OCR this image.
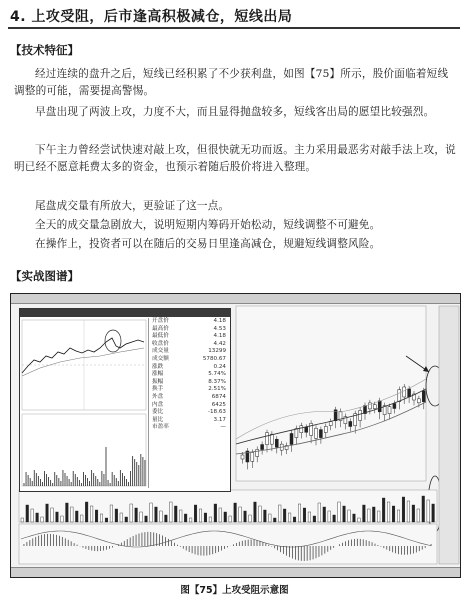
4. 上攻受阻，后市逢高积极减仓，短线出局
【技术特征】

经过连续的盘升之后，短线已经积累了不少获利盘，如图【75】所示，股价面临着短线调整的可能，需要提高警惕。

早盘出现了两波上攻，力度不大，而且显得抛盘较多，短线客出局的愿望比较强烈。

下午主力曾经尝试快速对敲上攻，但很快就无功而返。主力采用最恶劣对敲手法上攻，说明已经不愿意耗费太多的资金，也预示着随后股价将进入整理。

尾盘成交量有所放大，更验证了这一点。

全天的成交量急剧放大，说明短期内筹码开始松动，短线调整不可避免。

在操作上，投资者可以在随后的交易日里逢高减仓，规避短线调整风险。

【实战图谱】
开盘价	4.18
最高价	4.53
最低价	4.18
收盘价	4.42
成交量	13299
成交额	5780.67
涨跌	0.24
涨幅	5.74%
振幅	8.37%
换手	2.51%
外盘	6874
内盘	6425
委比	-18.63
量比	3.17
市盈率	—
图【75】上攻受阻示意图
